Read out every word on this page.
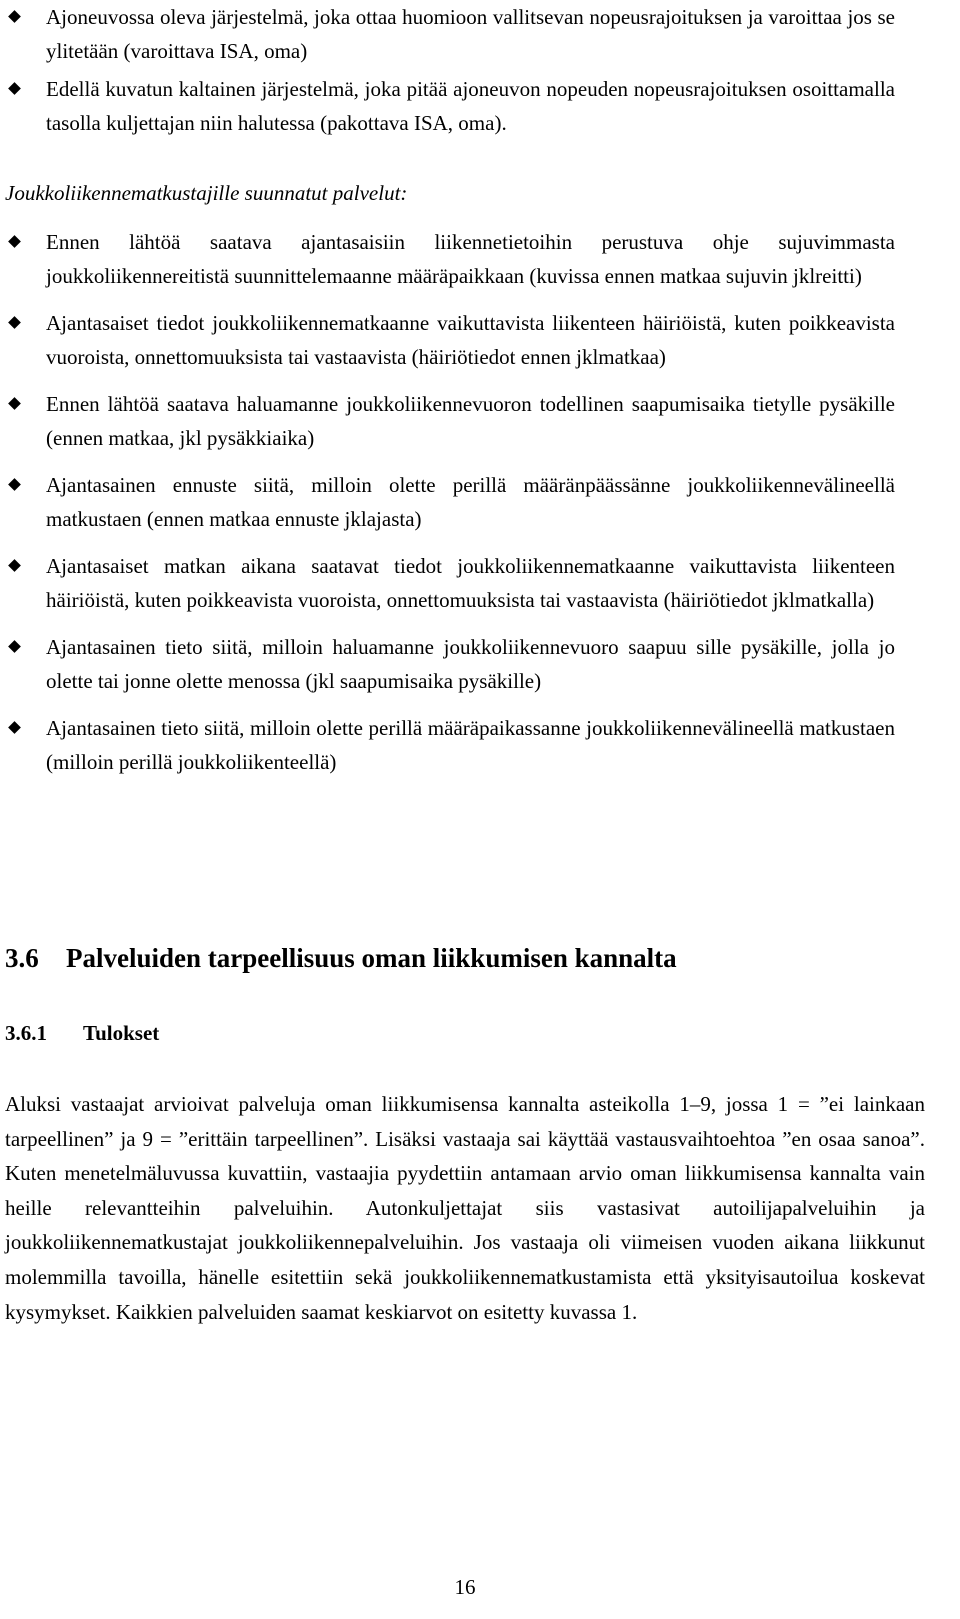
Ajoneuvossa oleva järjestelmä, joka ottaa huomioon vallitsevan nopeusrajoituksen ja varoittaa jos se ylitetään (varoittava ISA, oma)
Edellä kuvatun kaltainen järjestelmä, joka pitää ajoneuvon nopeuden nopeusrajoituksen osoittamalla tasolla kuljettajan niin halutessa (pakottava ISA, oma).
Joukkoliikennematkustajille suunnatut palvelut:
Ennen lähtöä saatava ajantasaisiin liikennetietoihin perustuva ohje sujuvimmasta joukkoliikennereitistä suunnittelemaanne määräpaikkaan (kuvissa ennen matkaa sujuvin jklreitti)
Ajantasaiset tiedot joukkoliikennematkaanne vaikuttavista liikenteen häiriöistä, kuten poikkeavista vuoroista, onnettomuuksista tai vastaavista (häiriötiedot ennen jklmatkaa)
Ennen lähtöä saatava haluamanne joukkoliikennevuoron todellinen saapumisaika tietylle pysäkille (ennen matkaa, jkl pysäkkiaika)
Ajantasainen ennuste siitä, milloin olette perillä määränpäässänne joukkoliikennevälineellä matkustaen (ennen matkaa ennuste jklajasta)
Ajantasaiset matkan aikana saatavat tiedot joukkoliikennematkaanne vaikuttavista liikenteen häiriöistä, kuten poikkeavista vuoroista, onnettomuuksista tai vastaavista (häiriötiedot jklmatkalla)
Ajantasainen tieto siitä, milloin haluamanne joukkoliikennevuoro saapuu sille pysäkille, jolla jo olette tai jonne olette menossa (jkl saapumisaika pysäkille)
Ajantasainen tieto siitä, milloin olette perillä määräpaikassanne joukkoliikennevälineellä matkustaen (milloin perillä joukkoliikenteellä)
3.6 Palveluiden tarpeellisuus oman liikkumisen kannalta
3.6.1 Tulokset

Aluksi vastaajat arvioivat palveluja oman liikkumisensa kannalta asteikolla 1–9, jossa 1 = ”ei lainkaan tarpeellinen” ja 9 = ”erittäin tarpeellinen”. Lisäksi vastaaja sai käyttää vastausvaihtoehtoa ”en osaa sanoa”. Kuten menetelmäluvussa kuvattiin, vastaajia pyydettiin antamaan arvio oman liikkumisensa kannalta vain heille relevantteihin palveluihin. Autonkuljettajat siis vastasivat autoilijapalveluihin ja joukkoliikennematkustajat joukkoliikennepalveluihin. Jos vastaaja oli viimeisen vuoden aikana liikkunut molemmilla tavoilla, hänelle esitettiin sekä joukkoliikennematkustamista että yksityisautoilua koskevat kysymykset. Kaikkien palveluiden saamat keskiarvot on esitetty kuvassa 1.

16
